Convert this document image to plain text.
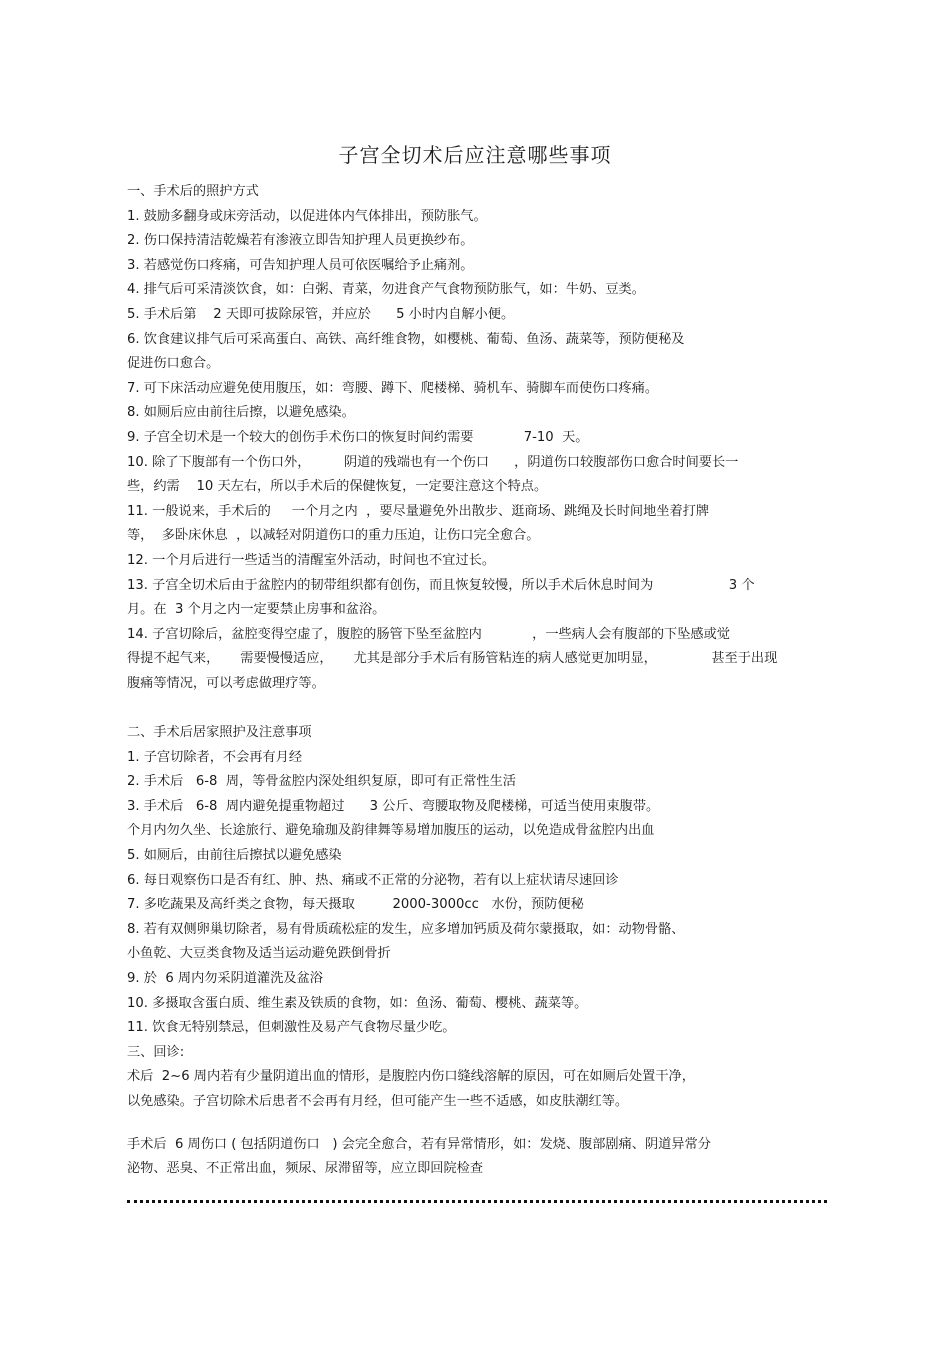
子宫全切术后应注意哪些事项
一、手术后的照护方式
1. 鼓励多翻身或床旁活动，以促进体内气体排出，预防胀气。
2. 伤口保持清洁乾燥若有渗液立即告知护理人员更换纱布。
3. 若感觉伤口疼痛，可告知护理人员可依医嘱给予止痛剂。
4. 排气后可采清淡饮食，如：白粥、青菜，勿进食产气食物预防胀气，如：牛奶、豆类。
5. 手术后第    2 天即可拔除尿管，并应於      5 小时内自解小便。
6. 饮食建议排气后可采高蛋白、高铁、高纤维食物，如樱桃、葡萄、鱼汤、蔬菜等，预防便秘及
促进伤口愈合。
7. 可下床活动应避免使用腹压，如：弯腰、蹲下、爬楼梯、骑机车、骑脚车而使伤口疼痛。
8. 如厕后应由前往后擦，以避免感染。
9. 子宫全切术是一个较大的创伤手术伤口的恢复时间约需要            7-10  天。
10. 除了下腹部有一个伤口外，        阴道的残端也有一个伤口      ，阴道伤口较腹部伤口愈合时间要长一
些，约需    10 天左右，所以手术后的保健恢复，一定要注意这个特点。
11. 一般说来，手术后的     一个月之内  ，要尽量避免外出散步、逛商场、跳绳及长时间地坐着打牌
等，  多卧床休息  ，以减轻对阴道伤口的重力压迫，让伤口完全愈合。
12. 一个月后进行一些适当的清醒室外活动，时间也不宜过长。
13. 子宫全切术后由于盆腔内的韧带组织都有创伤，而且恢复较慢，所以手术后休息时间为                  3 个
月。在  3 个月之内一定要禁止房事和盆浴。
14. 子宫切除后，盆腔变得空虚了，腹腔的肠管下坠至盆腔内            ，一些病人会有腹部的下坠感或觉
得提不起气来，     需要慢慢适应，     尤其是部分手术后有肠管粘连的病人感觉更加明显，             甚至于出现
腹痛等情况，可以考虑做理疗等。
二、手术后居家照护及注意事项
1. 子宫切除者，不会再有月经
2. 手术后   6-8  周，等骨盆腔内深处组织复原，即可有正常性生活
3. 手术后   6-8  周内避免提重物超过      3 公斤、弯腰取物及爬楼梯，可适当使用束腹带。
个月内勿久坐、长途旅行、避免瑜珈及韵律舞等易增加腹压的运动，以免造成骨盆腔内出血
5. 如厕后，由前往后擦拭以避免感染
6. 每日观察伤口是否有红、肿、热、痛或不正常的分泌物，若有以上症状请尽速回诊
7. 多吃蔬果及高纤类之食物，每天摄取         2000-3000cc   水份，预防便秘
8. 若有双侧卵巢切除者，易有骨质疏松症的发生，应多增加钙质及荷尔蒙摄取，如：动物骨骼、
小鱼乾、大豆类食物及适当运动避免跌倒骨折
9. 於  6 周内勿采阴道灌洗及盆浴
10. 多摄取含蛋白质、维生素及铁质的食物，如：鱼汤、葡萄、樱桃、蔬菜等。
11. 饮食无特别禁忌，但刺激性及易产气食物尽量少吃。
三、回诊:
术后  2~6 周内若有少量阴道出血的情形，是腹腔内伤口缝线溶解的原因，可在如厕后处置干净，
以免感染。子宫切除术后患者不会再有月经，但可能产生一些不适感，如皮肤潮红等。
手术后  6 周伤口 ( 包括阴道伤口   ) 会完全愈合，若有异常情形，如：发烧、腹部剧痛、阴道异常分
泌物、恶臭、不正常出血，频尿、尿滞留等，应立即回院检查
